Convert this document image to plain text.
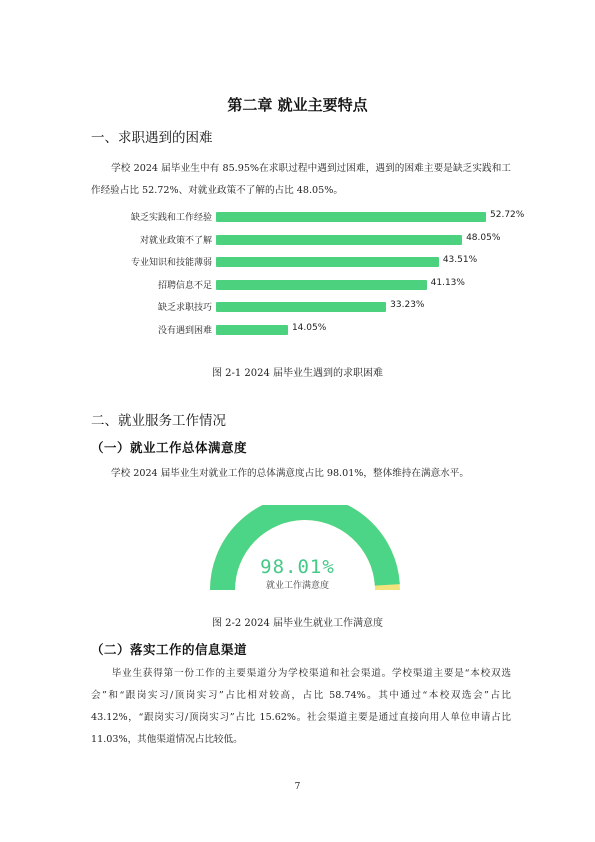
第二章 就业主要特点
一、求职遇到的困难
学校 2024 届毕业生中有 85.95%在求职过程中遇到过困难，遇到的困难主要是缺乏实践和工作经验占比 52.72%、对就业政策不了解的占比 48.05%。
缺乏实践和工作经验	52.72%
对就业政策不了解	48.05%
专业知识和技能薄弱	43.51%
招聘信息不足	41.13%
缺乏求职技巧	33.23%
没有遇到困难	14.05%
图 2-1 2024 届毕业生遇到的求职困难
二、就业服务工作情况
（一）就业工作总体满意度
学校 2024 届毕业生对就业工作的总体满意度占比 98.01%，整体维持在满意水平。
98.01%
就业工作满意度
图 2-2 2024 届毕业生就业工作满意度
（二）落实工作的信息渠道
毕业生获得第一份工作的主要渠道分为学校渠道和社会渠道。学校渠道主要是“本校双选会”和“跟岗实习/顶岗实习”占比相对较高，占比 58.74%。其中通过“本校双选会”占比 43.12%，“跟岗实习/顶岗实习”占比 15.62%。社会渠道主要是通过直接向用人单位申请占比 11.03%，其他渠道情况占比较低。
7
